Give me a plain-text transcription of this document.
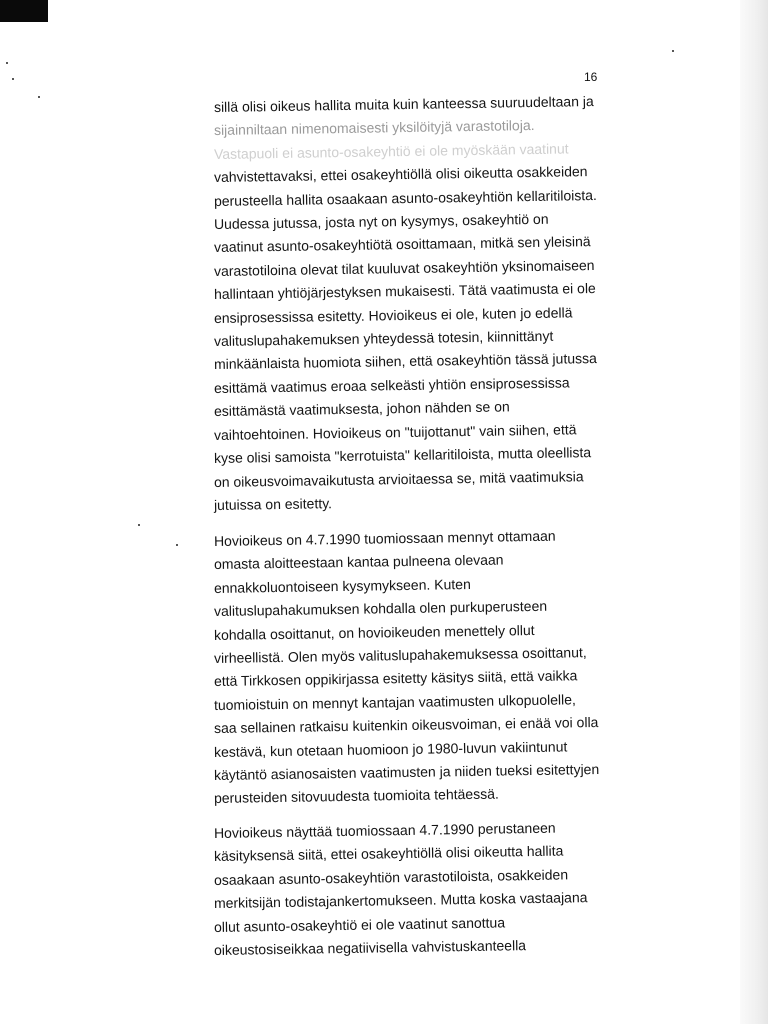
16
sillä olisi oikeus hallita muita kuin kanteessa suuruudeltaan ja
sijainniltaan nimenomaisesti yksilöityjä varastotiloja.
Vastapuoli ei asunto-osakeyhtiö ei ole myöskään vaatinut
vahvistettavaksi, ettei osakeyhtiöllä olisi oikeutta osakkeiden
perusteella hallita osaakaan asunto-osakeyhtiön kellaritiloista.
Uudessa jutussa, josta nyt on kysymys, osakeyhtiö on
vaatinut asunto-osakeyhtiötä osoittamaan, mitkä sen yleisinä
varastotiloina olevat tilat kuuluvat osakeyhtiön yksinomaiseen
hallintaan yhtiöjärjestyksen mukaisesti. Tätä vaatimusta ei ole
ensiprosessissa esitetty. Hovioikeus ei ole, kuten jo edellä
valituslupahakemuksen yhteydessä totesin, kiinnittänyt
minkäänlaista huomiota siihen, että osakeyhtiön tässä jutussa
esittämä vaatimus eroaa selkeästi yhtiön ensiprosessissa
esittämästä vaatimuksesta, johon nähden se on
vaihtoehtoinen. Hovioikeus on "tuijottanut" vain siihen, että
kyse olisi samoista "kerrotuista" kellaritiloista, mutta oleellista
on oikeusvoimavaikutusta arvioitaessa se, mitä vaatimuksia
jutuissa on esitetty.
Hovioikeus on 4.7.1990 tuomiossaan mennyt ottamaan
omasta aloitteestaan kantaa pulneena olevaan
ennakkoluontoiseen kysymykseen. Kuten
valituslupahakumuksen kohdalla olen purkuperusteen
kohdalla osoittanut, on hovioikeuden menettely ollut
virheellistä. Olen myös valituslupahakemuksessa osoittanut,
että Tirkkosen oppikirjassa esitetty käsitys siitä, että vaikka
tuomioistuin on mennyt kantajan vaatimusten ulkopuolelle,
saa sellainen ratkaisu kuitenkin oikeusvoiman, ei enää voi olla
kestävä, kun otetaan huomioon jo 1980-luvun vakiintunut
käytäntö asianosaisten vaatimusten ja niiden tueksi esitettyjen
perusteiden sitovuudesta tuomioita tehtäessä.
Hovioikeus näyttää tuomiossaan 4.7.1990 perustaneen
käsityksensä siitä, ettei osakeyhtiöllä olisi oikeutta hallita
osaakaan asunto-osakeyhtiön varastotiloista, osakkeiden
merkitsijän todistajankertomukseen. Mutta koska vastaajana
ollut asunto-osakeyhtiö ei ole vaatinut sanottua
oikeustosiseikkaa negatiivisella vahvistuskanteella
